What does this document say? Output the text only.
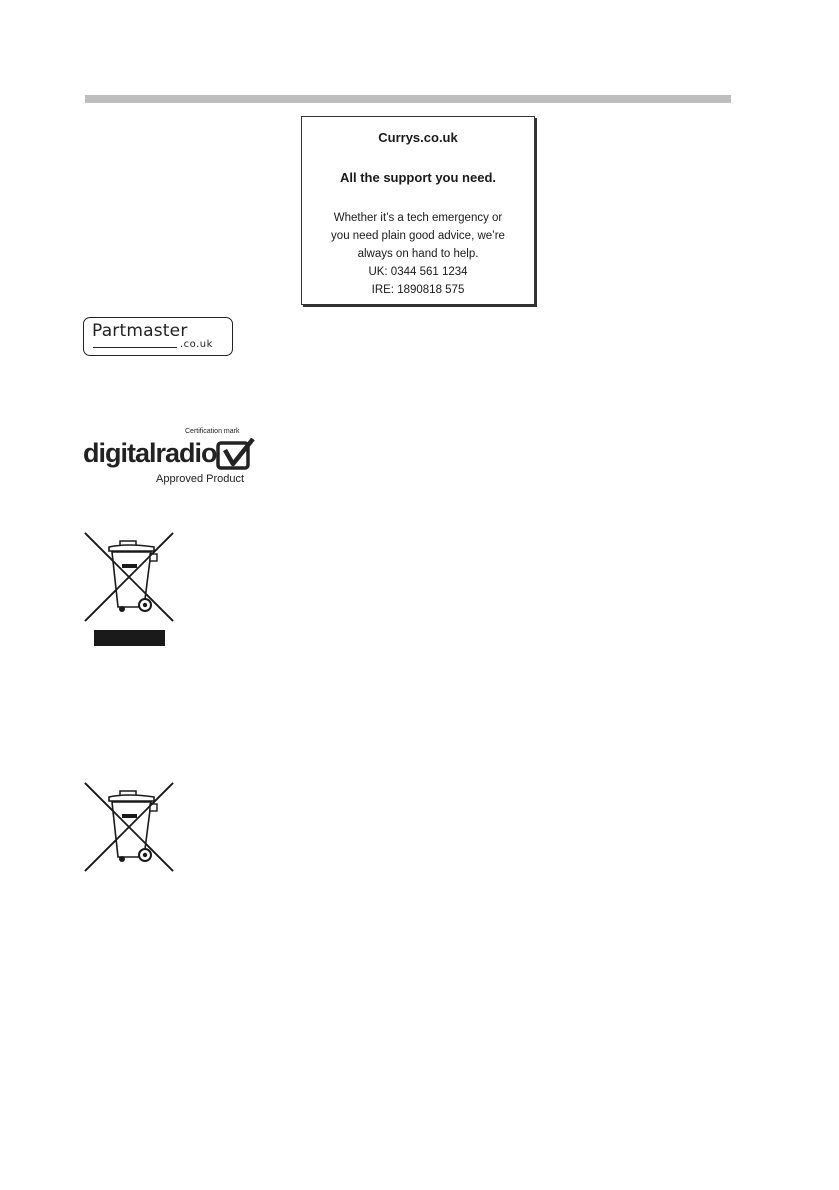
Currys.co.uk
All the support you need.
Whether it’s a tech emergency or
you need plain good advice, we’re
always on hand to help.
UK: 0344 561 1234
IRE: 1890818 575
Partmaster
.co.uk
Certification mark
digitalradio
Approved Product
